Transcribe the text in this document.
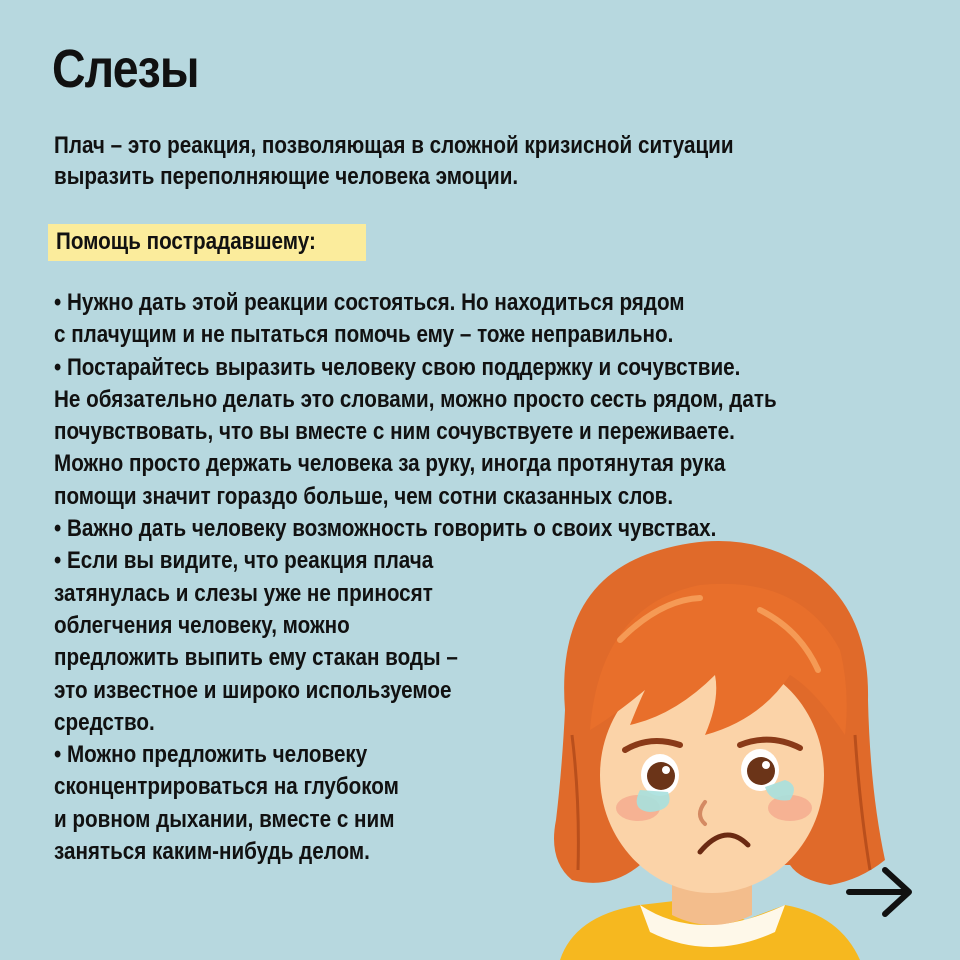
Слезы
Плач – это реакция, позволяющая в сложной кризисной ситуации
выразить переполняющие человека эмоции.
Помощь пострадавшему:
• Нужно дать этой реакции состояться. Но находиться рядом
с плачущим и не пытаться помочь ему – тоже неправильно.
• Постарайтесь выразить человеку свою поддержку и сочувствие.
Не обязательно делать это словами, можно просто сесть рядом, дать
почувствовать, что вы вместе с ним сочувствуете и переживаете.
Можно просто держать человека за руку, иногда протянутая рука
помощи значит гораздо больше, чем сотни сказанных слов.
• Важно дать человеку возможность говорить о своих чувствах.
• Если вы видите, что реакция плача
затянулась и слезы уже не приносят
облегчения человеку, можно
предложить выпить ему стакан воды –
это известное и широко используемое
средство.
• Можно предложить человеку
сконцентрироваться на глубоком
и ровном дыхании, вместе с ним
заняться каким-нибудь делом.
